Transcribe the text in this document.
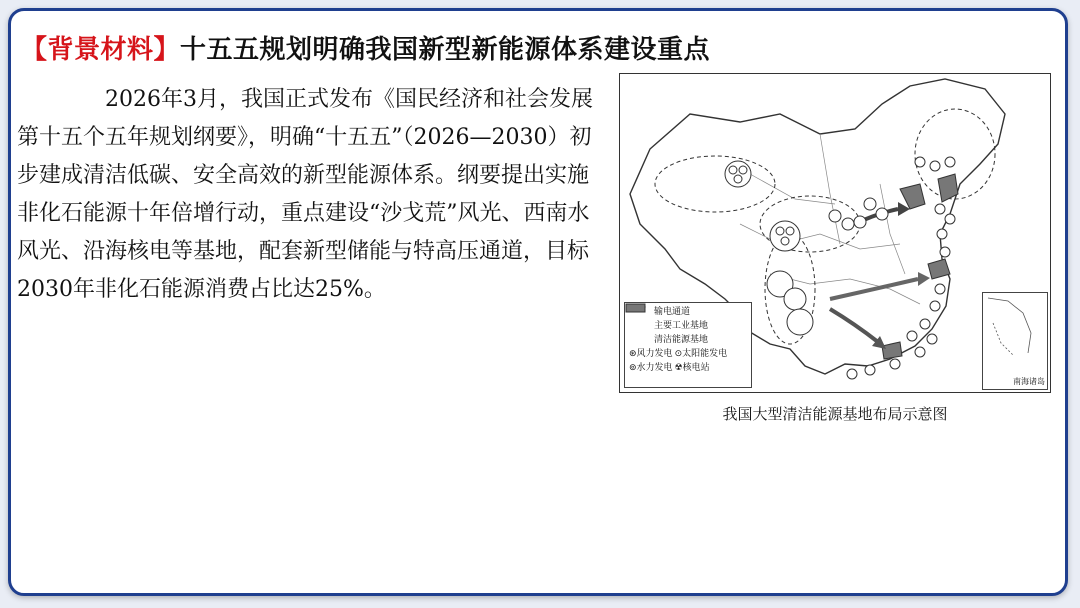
【背景材料】十五五规划明确我国新型新能源体系建设重点

2026年3月，我国正式发布《国民经济和社会发展第十五个五年规划纲要》，明确“十五五”（2026—2030）初步建成清洁低碳、安全高效的新型能源体系。纲要提出实施非化石能源十年倍增行动，重点建设“沙戈荒”风光、西南水风光、沿海核电等基地，配套新型储能与特高压通道，目标 2030年非化石能源消费占比达25%。

输电通道
主要工业基地
清洁能源基地
⊛ 风力发电 ⊙ 太阳能发电
⊚ 水力发电 ☢ 核电站
南海诸岛
我国大型清洁能源基地布局示意图
